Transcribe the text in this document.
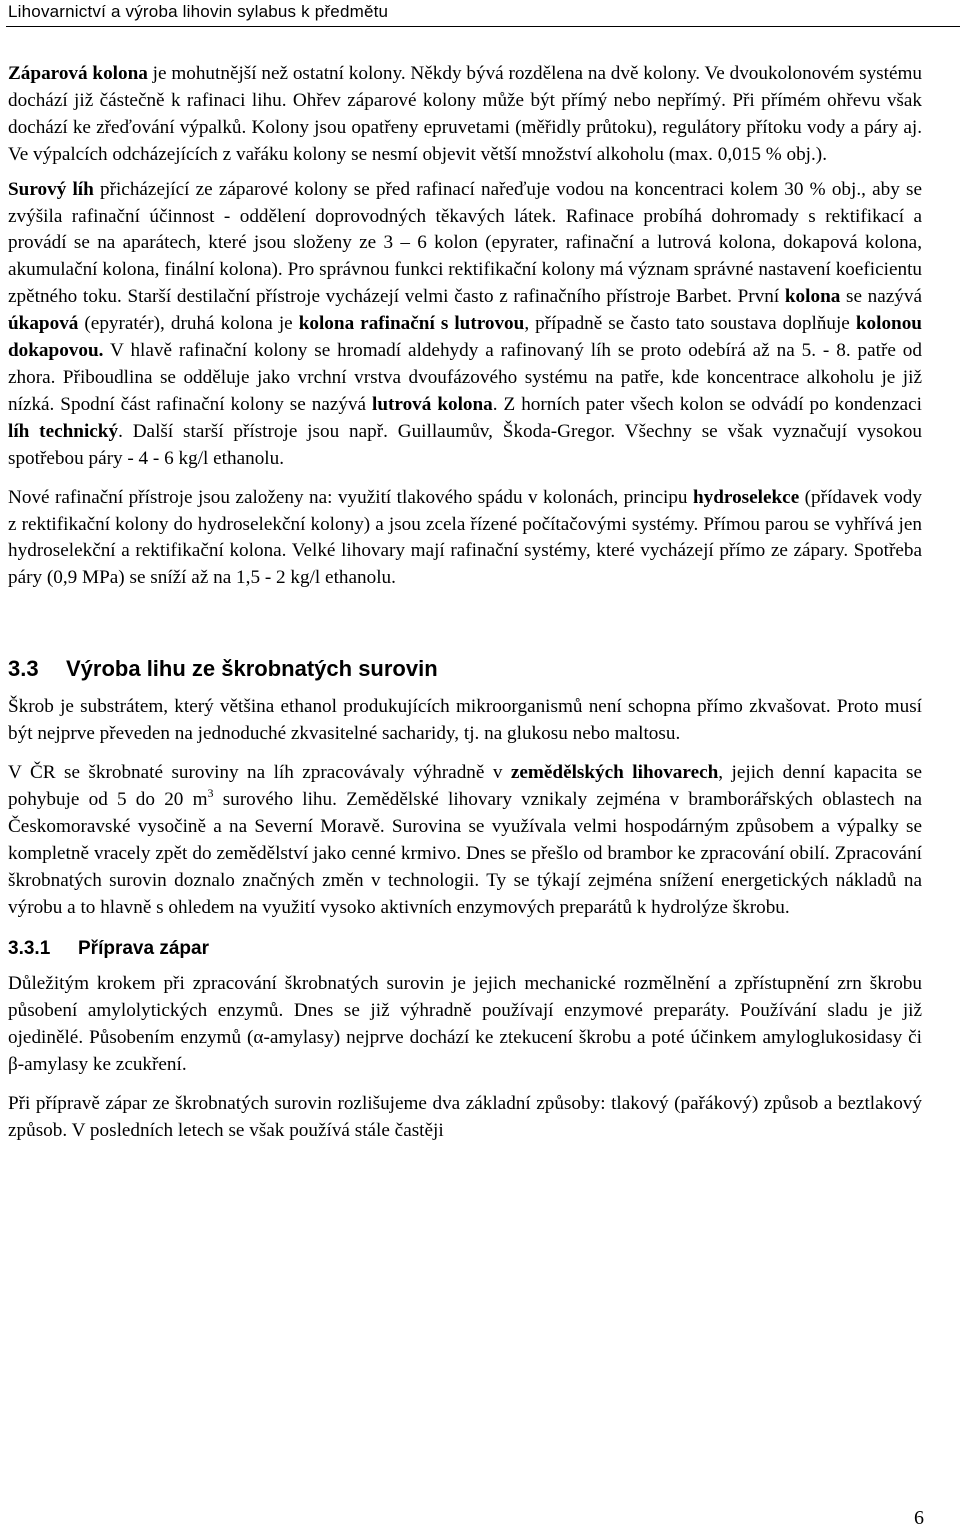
Lihovarnictví a výroba lihovin sylabus k předmětu

Záparová kolona je mohutnější než ostatní kolony. Někdy bývá rozdělena na dvě kolony. Ve dvoukolonovém systému dochází již částečně k rafinaci lihu. Ohřev záparové kolony může být přímý nebo nepřímý. Při přímém ohřevu však dochází ke zřeďování výpalků. Kolony jsou opatřeny epruvetami (měřidly průtoku), regulátory přítoku vody a páry aj. Ve výpalcích odcházejících z vařáku kolony se nesmí objevit větší množství alkoholu (max. 0,015 % obj.).

Surový líh přicházející ze záparové kolony se před rafinací nařeďuje vodou na koncentraci kolem 30 % obj., aby se zvýšila rafinační účinnost - oddělení doprovodných těkavých látek. Rafinace probíhá dohromady s rektifikací a provádí se na aparátech, které jsou složeny ze 3 – 6 kolon (epyrater, rafinační a lutrová kolona, dokapová kolona, akumulační kolona, finální kolona). Pro správnou funkci rektifikační kolony má význam správné nastavení koeficientu zpětného toku. Starší destilační přístroje vycházejí velmi často z rafinačního přístroje Barbet. První kolona se nazývá úkapová (epyratér), druhá kolona je kolona rafinační s lutrovou, případně se často tato soustava doplňuje kolonou dokapovou. V hlavě rafinační kolony se hromadí aldehydy a rafinovaný líh se proto odebírá až na 5. - 8. patře od zhora. Přiboudlina se odděluje jako vrchní vrstva dvoufázového systému na patře, kde koncentrace alkoholu je již nízká. Spodní část rafinační kolony se nazývá lutrová kolona. Z horních pater všech kolon se odvádí po kondenzaci líh technický. Další starší přístroje jsou např. Guillaumův, Škoda-Gregor. Všechny se však vyznačují vysokou spotřebou páry - 4 - 6 kg/l ethanolu.

Nové rafinační přístroje jsou založeny na: využití tlakového spádu v kolonách, principu hydroselekce (přídavek vody z rektifikační kolony do hydroselekční kolony) a jsou zcela řízené počítačovými systémy. Přímou parou se vyhřívá jen hydroselekční a rektifikační kolona. Velké lihovary mají rafinační systémy, které vycházejí přímo ze zápary. Spotřeba páry (0,9 MPa) se sníží až na 1,5 - 2 kg/l ethanolu.

3.3	Výroba lihu ze škrobnatých surovin

Škrob je substrátem, který většina ethanol produkujících mikroorganismů není schopna přímo zkvašovat. Proto musí být nejprve převeden na jednoduché zkvasitelné sacharidy, tj. na glukosu nebo maltosu.

V ČR se škrobnaté suroviny na líh zpracovávaly výhradně v zemědělských lihovarech, jejich denní kapacita se pohybuje od 5 do 20 $m^3$ surového lihu. Zemědělské lihovary vznikaly zejména v bramborářských oblastech na Českomoravské vysočině a na Severní Moravě. Surovina se využívala velmi hospodárným způsobem a výpalky se kompletně vracely zpět do zemědělství jako cenné krmivo. Dnes se přešlo od brambor ke zpracování obilí. Zpracování škrobnatých surovin doznalo značných změn v technologii. Ty se týkají zejména snížení energetických nákladů na výrobu a to hlavně s ohledem na využití vysoko aktivních enzymových preparátů k hydrolýze škrobu.

3.3.1	Příprava zápar

Důležitým krokem při zpracování škrobnatých surovin je jejich mechanické rozmělnění a zpřístupnění zrn škrobu působení amylolytických enzymů. Dnes se již výhradně používají enzymové preparáty. Používání sladu je již ojedinělé. Působením enzymů (α-amylasy) nejprve dochází ke ztekucení škrobu a poté účinkem amyloglukosidasy či β-amylasy ke zcukření.

Při přípravě zápar ze škrobnatých surovin rozlišujeme dva základní způsoby: tlakový (pařákový) způsob a beztlakový způsob. V posledních letech se však používá stále častěji

6
